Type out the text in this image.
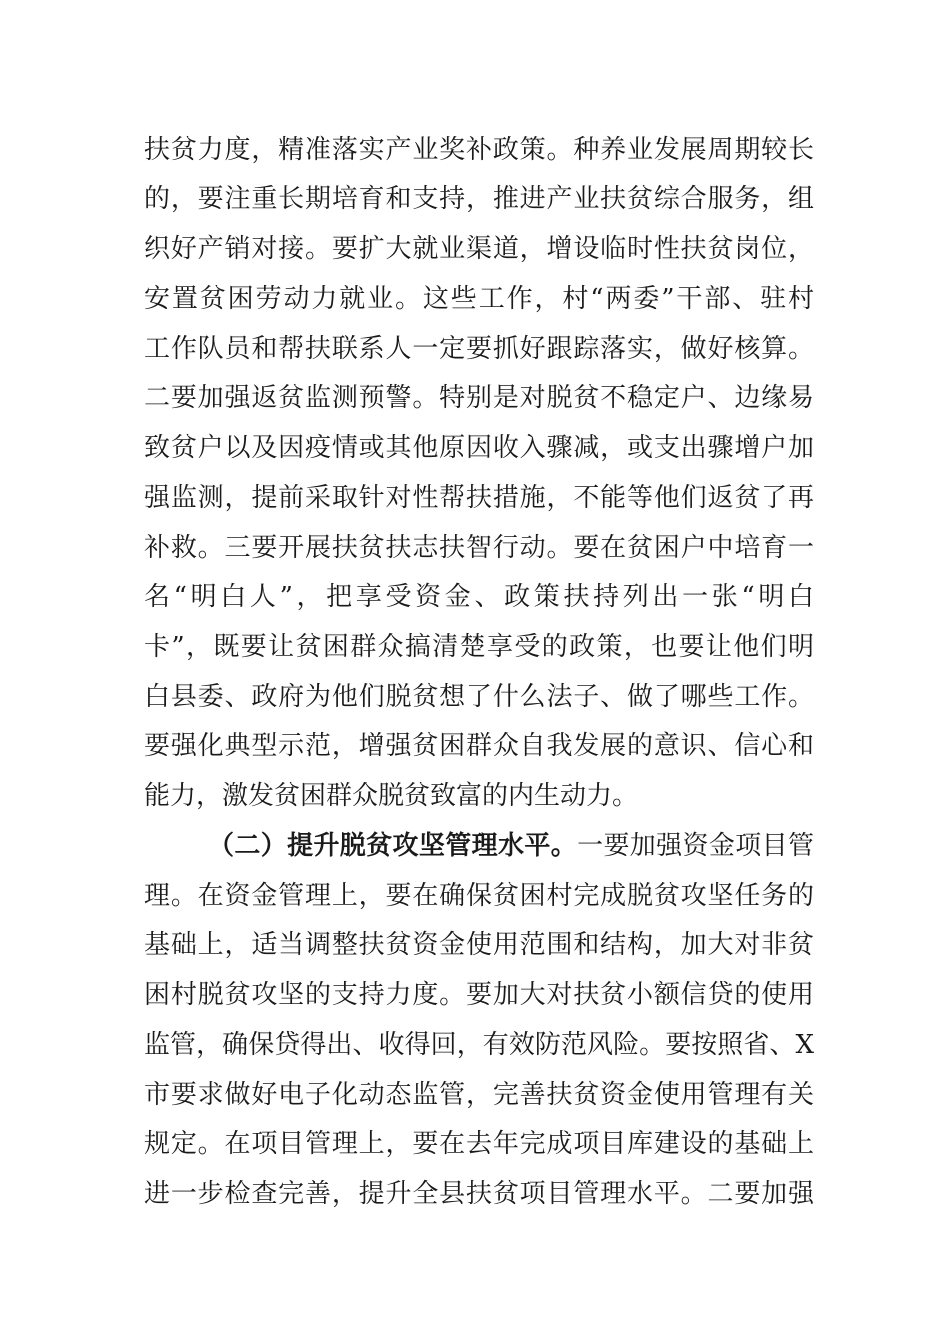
扶贫力度，精准落实产业奖补政策。种养业发展周期较长
的，要注重长期培育和支持，推进产业扶贫综合服务，组
织好产销对接。要扩大就业渠道，增设临时性扶贫岗位，
安置贫困劳动力就业。这些工作，村“两委”干部、驻村
工作队员和帮扶联系人一定要抓好跟踪落实，做好核算。
二要加强返贫监测预警。特别是对脱贫不稳定户、边缘易
致贫户以及因疫情或其他原因收入骤减，或支出骤增户加
强监测，提前采取针对性帮扶措施，不能等他们返贫了再
补救。三要开展扶贫扶志扶智行动。要在贫困户中培育一
名“明白人”，把享受资金、政策扶持列出一张“明白
卡”，既要让贫困群众搞清楚享受的政策，也要让他们明
白县委、政府为他们脱贫想了什么法子、做了哪些工作。
要强化典型示范，增强贫困群众自我发展的意识、信心和
能力，激发贫困群众脱贫致富的内生动力。
（二）提升脱贫攻坚管理水平。一要加强资金项目管
理。在资金管理上，要在确保贫困村完成脱贫攻坚任务的
基础上，适当调整扶贫资金使用范围和结构，加大对非贫
困村脱贫攻坚的支持力度。要加大对扶贫小额信贷的使用
监管，确保贷得出、收得回，有效防范风险。要按照省、X
市要求做好电子化动态监管，完善扶贫资金使用管理有关
规定。在项目管理上，要在去年完成项目库建设的基础上
进一步检查完善，提升全县扶贫项目管理水平。二要加强
